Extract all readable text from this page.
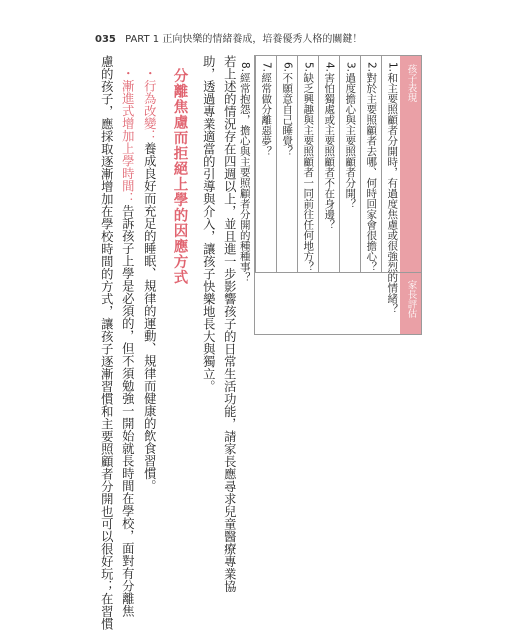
035 PART 1 正向快樂的情緒養成，培養優秀人格的關鍵！
孩子表現
家長評估
1.和主要照顧者分開時，有過度焦慮或很強烈的情緒？
2.對於主要照顧者去哪、何時回家會很擔心？
3.過度擔心與主要照顧者分開？
4.害怕獨處或主要照顧者不在身邊？
5.缺乏興趣與主要照顧者一同前往任何地方？
6.不願意自己睡覺？
7.經常做分離惡夢？
8.經常抱怨，擔心與主要照顧者分開的種種事？
若上述的情況存在四週以上，並且進一步影響孩子的日常生活功能，請家長應尋求兒童醫療專業協
助，透過專業適當的引導與介入，讓孩子快樂地長大與獨立。
分離焦慮而拒絕上學的因應方式
・行為改變：養成良好而充足的睡眠、規律的運動、規律而健康的飲食習慣。
・漸進式增加上學時間：告訴孩子上學是必須的，但不須勉強一開始就長時間在學校，面對有分離焦
慮的孩子，應採取逐漸增加在學校時間的方式，讓孩子逐漸習慣和主要照顧者分開也可以很好玩；在習慣
